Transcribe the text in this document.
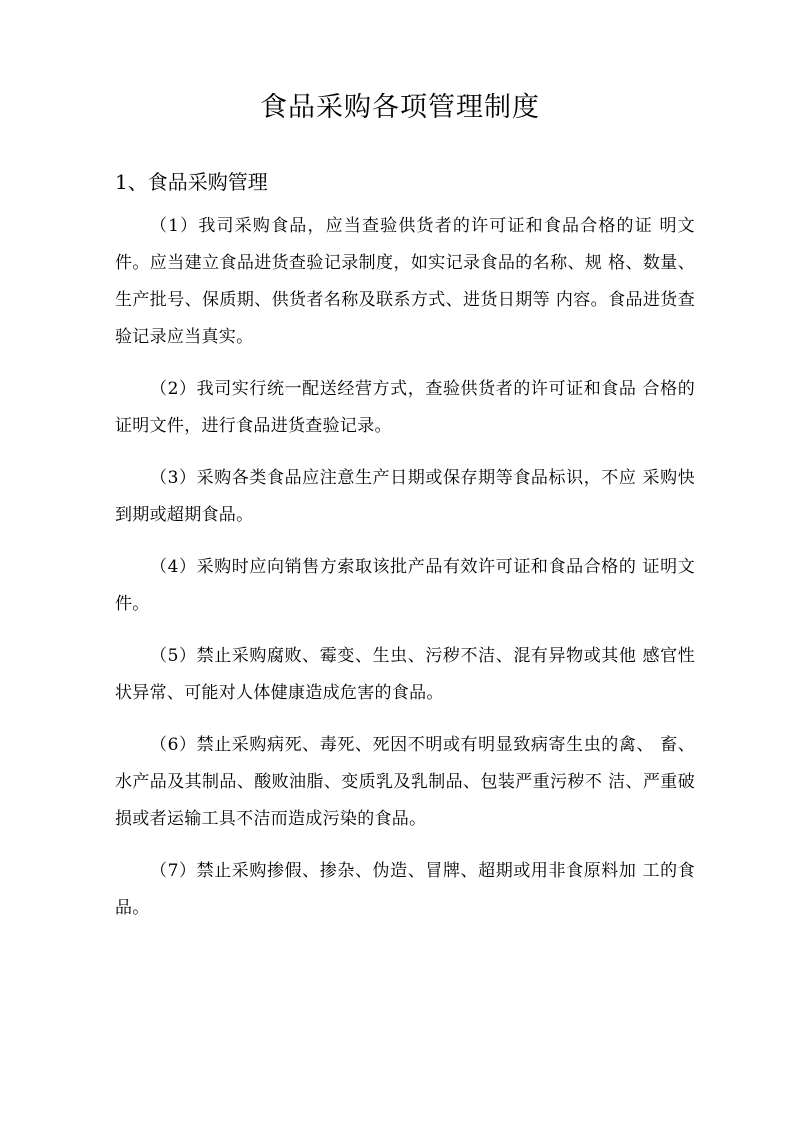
食品采购各项管理制度
1、食品采购管理

（1）我司采购食品，应当查验供货者的许可证和食品合格的证 明文件。应当建立食品进货查验记录制度，如实记录食品的名称、规 格、数量、生产批号、保质期、供货者名称及联系方式、进货日期等 内容。食品进货查验记录应当真实。

（2）我司实行统一配送经营方式，查验供货者的许可证和食品 合格的证明文件，进行食品进货查验记录。

（3）采购各类食品应注意生产日期或保存期等食品标识，不应 采购快到期或超期食品。

（4）采购时应向销售方索取该批产品有效许可证和食品合格的 证明文件。

（5）禁止采购腐败、霉变、生虫、污秽不洁、混有异物或其他 感官性状异常、可能对人体健康造成危害的食品。

（6）禁止采购病死、毒死、死因不明或有明显致病寄生虫的禽、 畜、水产品及其制品、酸败油脂、变质乳及乳制品、包装严重污秽不 洁、严重破损或者运输工具不洁而造成污染的食品。

（7）禁止采购掺假、掺杂、伪造、冒牌、超期或用非食原料加 工的食品。
